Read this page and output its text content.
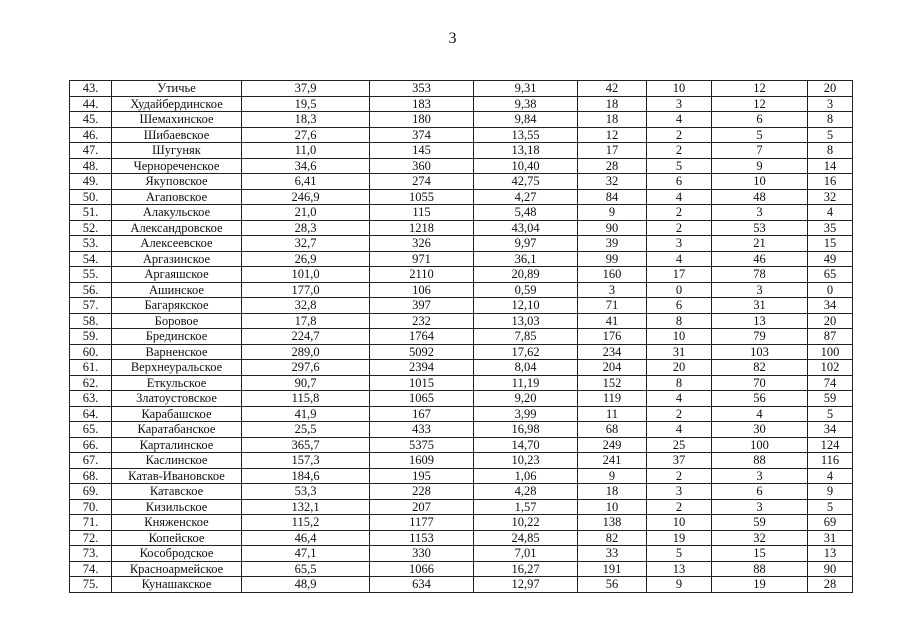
3
43.	Утичье	37,9	353	9,31	42	10	12	20
44.	Худайбердинское	19,5	183	9,38	18	3	12	3
45.	Шемахинское	18,3	180	9,84	18	4	6	8
46.	Шибаевское	27,6	374	13,55	12	2	5	5
47.	Шугуняк	11,0	145	13,18	17	2	7	8
48.	Чернореченское	34,6	360	10,40	28	5	9	14
49.	Якуповское	6,41	274	42,75	32	6	10	16
50.	Агаповское	246,9	1055	4,27	84	4	48	32
51.	Алакульское	21,0	115	5,48	9	2	3	4
52.	Александровское	28,3	1218	43,04	90	2	53	35
53.	Алексеевское	32,7	326	9,97	39	3	21	15
54.	Аргазинское	26,9	971	36,1	99	4	46	49
55.	Аргаяшское	101,0	2110	20,89	160	17	78	65
56.	Ашинское	177,0	106	0,59	3	0	3	0
57.	Багарякское	32,8	397	12,10	71	6	31	34
58.	Боровое	17,8	232	13,03	41	8	13	20
59.	Брединское	224,7	1764	7,85	176	10	79	87
60.	Варненское	289,0	5092	17,62	234	31	103	100
61.	Верхнеуральское	297,6	2394	8,04	204	20	82	102
62.	Еткульское	90,7	1015	11,19	152	8	70	74
63.	Златоустовское	115,8	1065	9,20	119	4	56	59
64.	Карабашское	41,9	167	3,99	11	2	4	5
65.	Каратабанское	25,5	433	16,98	68	4	30	34
66.	Карталинское	365,7	5375	14,70	249	25	100	124
67.	Каслинское	157,3	1609	10,23	241	37	88	116
68.	Катав-Ивановское	184,6	195	1,06	9	2	3	4
69.	Катавское	53,3	228	4,28	18	3	6	9
70.	Кизильское	132,1	207	1,57	10	2	3	5
71.	Княженское	115,2	1177	10,22	138	10	59	69
72.	Копейское	46,4	1153	24,85	82	19	32	31
73.	Кособродское	47,1	330	7,01	33	5	15	13
74.	Красноармейское	65,5	1066	16,27	191	13	88	90
75.	Кунашакское	48,9	634	12,97	56	9	19	28
